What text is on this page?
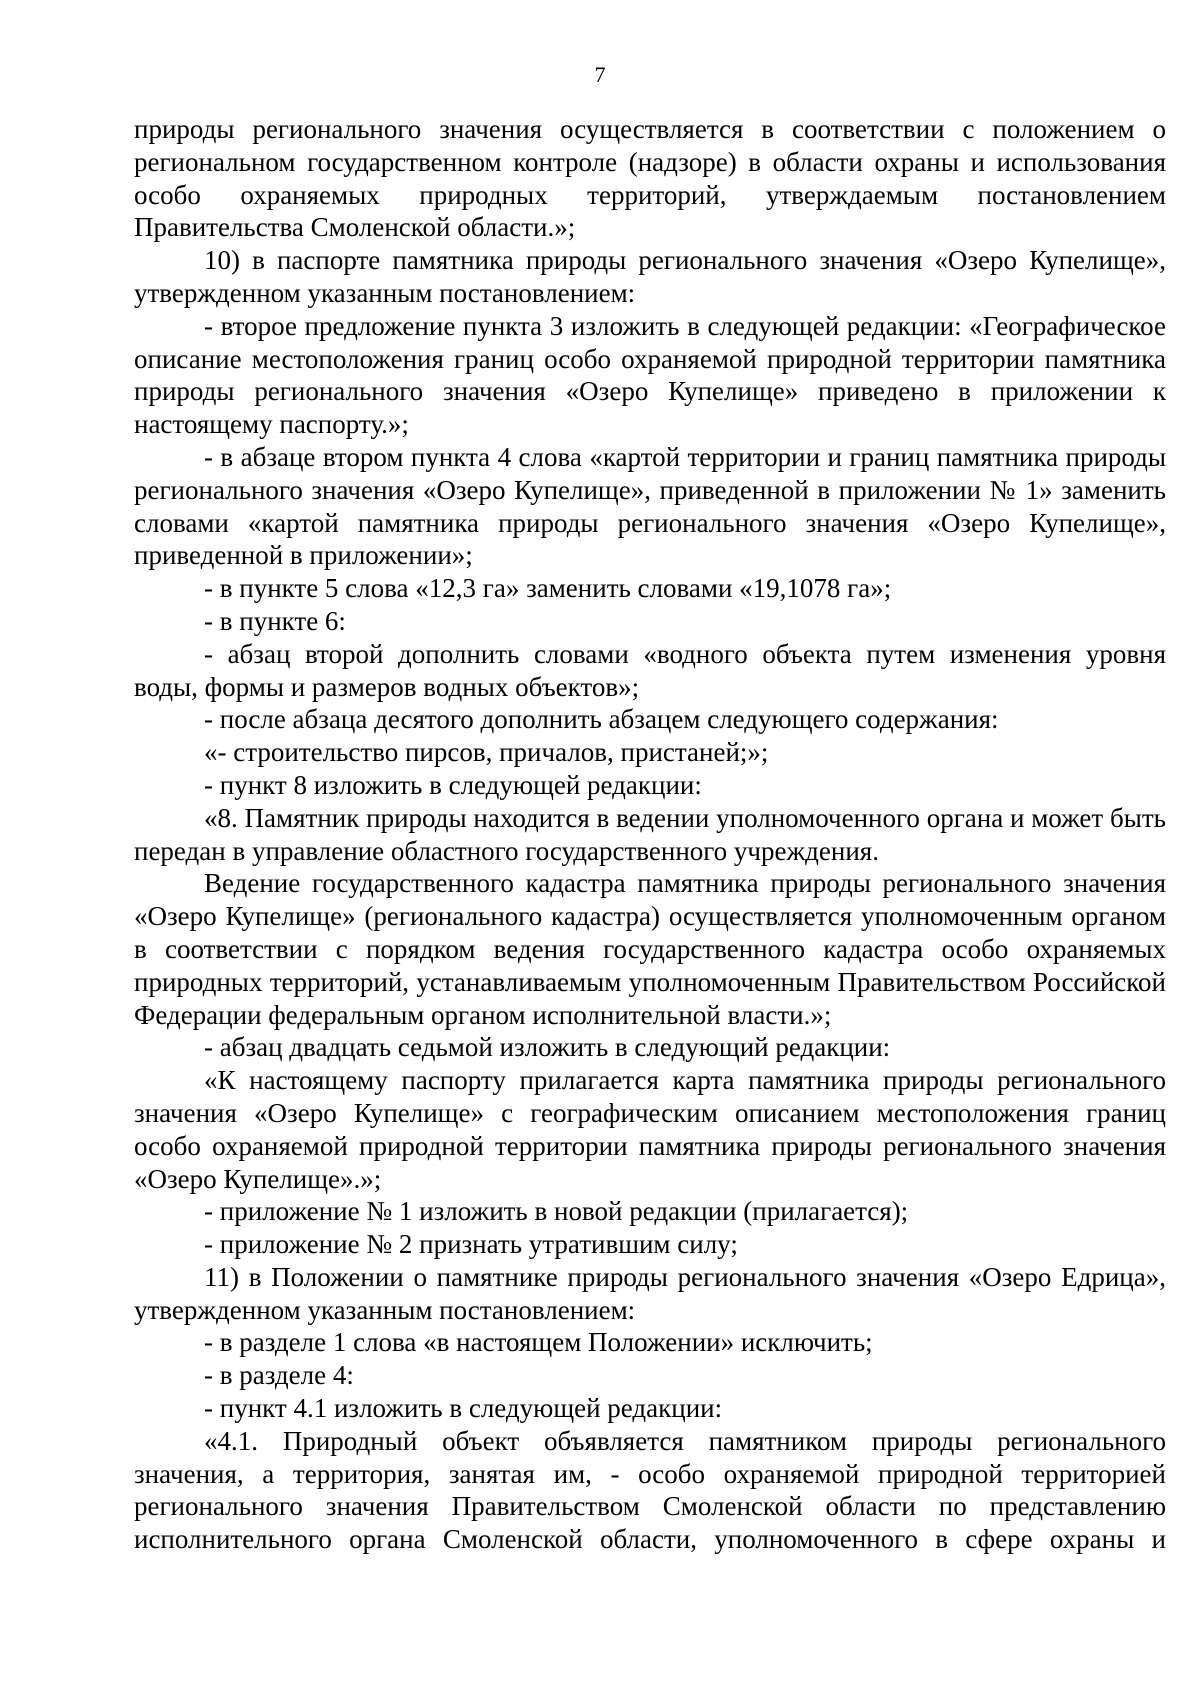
7

природы регионального значения осуществляется в соответствии с положением о региональном государственном контроле (надзоре) в области охраны и использования особо охраняемых природных территорий, утверждаемым постановлением Правительства Смоленской области.»;

10) в паспорте памятника природы регионального значения «Озеро Купелище», утвержденном указанным постановлением:

- второе предложение пункта 3 изложить в следующей редакции: «Географическое описание местоположения границ особо охраняемой природной территории памятника природы регионального значения «Озеро Купелище» приведено в приложении к настоящему паспорту.»;

- в абзаце втором пункта 4 слова «картой территории и границ памятника природы регионального значения «Озеро Купелище», приведенной в приложении № 1» заменить словами «картой памятника природы регионального значения «Озеро Купелище», приведенной в приложении»;

- в пункте 5 слова «12,3 га» заменить словами «19,1078 га»;

- в пункте 6:

- абзац второй дополнить словами «водного объекта путем изменения уровня воды, формы и размеров водных объектов»;

- после абзаца десятого дополнить абзацем следующего содержания:

«- строительство пирсов, причалов, пристаней;»;

- пункт 8 изложить в следующей редакции:

«8. Памятник природы находится в ведении уполномоченного органа и может быть передан в управление областного государственного учреждения.

Ведение государственного кадастра памятника природы регионального значения «Озеро Купелище» (регионального кадастра) осуществляется уполномоченным органом в соответствии с порядком ведения государственного кадастра особо охраняемых природных территорий, устанавливаемым уполномоченным Правительством Российской Федерации федеральным органом исполнительной власти.»;

- абзац двадцать седьмой изложить в следующий редакции:

«К настоящему паспорту прилагается карта памятника природы регионального значения «Озеро Купелище» с географическим описанием местоположения границ особо охраняемой природной территории памятника природы регионального значения «Озеро Купелище».»;

- приложение № 1 изложить в новой редакции (прилагается);

- приложение № 2 признать утратившим силу;

11) в Положении о памятнике природы регионального значения «Озеро Едрица», утвержденном указанным постановлением:

- в разделе 1 слова «в настоящем Положении» исключить;

- в разделе 4:

- пункт 4.1 изложить в следующей редакции:

«4.1. Природный объект объявляется памятником природы регионального значения, а территория, занятая им, - особо охраняемой природной территорией регионального значения Правительством Смоленской области по представлению исполнительного органа Смоленской области, уполномоченного в сфере охраны и
